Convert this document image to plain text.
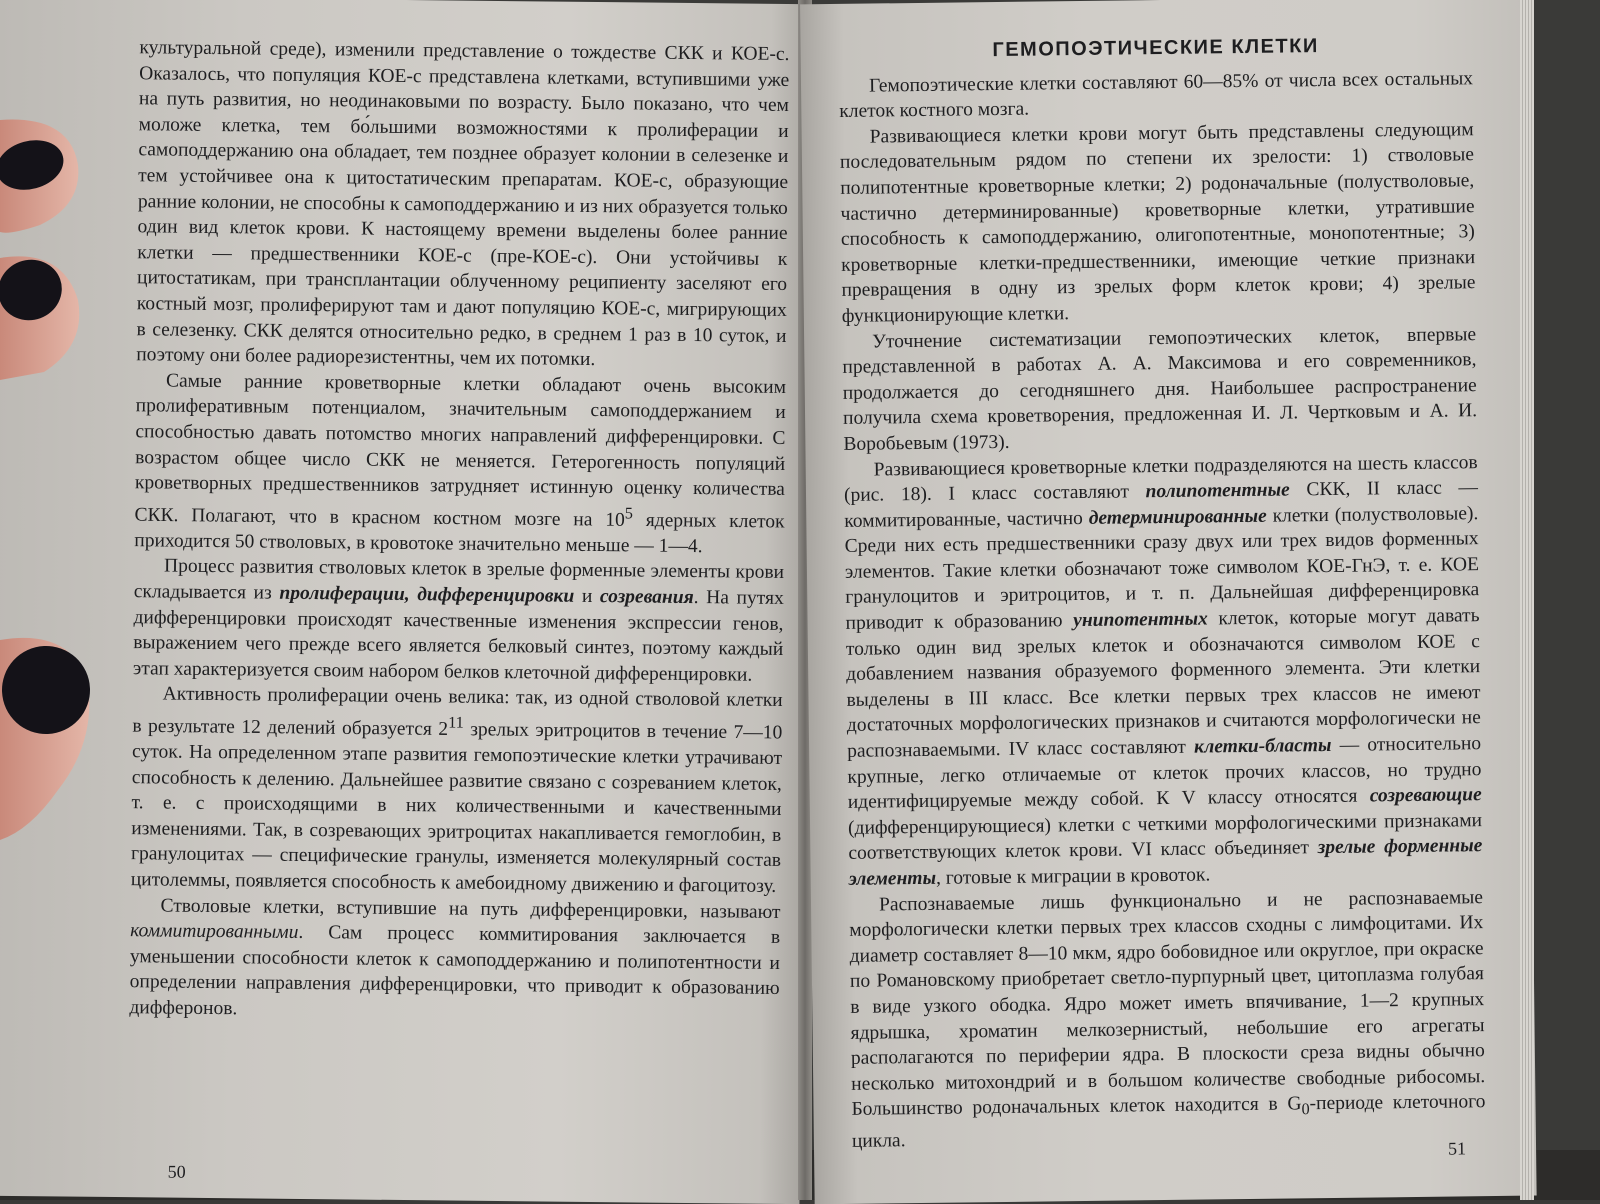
культуральной среде), изменили представление о тождестве СКК и КОЕ-с. Оказалось, что популяция КОЕ-с представлена клетками, вступившими уже на путь развития, но неодинаковыми по возрасту. Было показано, что чем моложе клетка, тем бо́льшими возможностями к пролиферации и самоподдержанию она обладает, тем позднее образует колонии в селезенке и тем устойчивее она к цитостатическим препаратам. КОЕ-с, образующие ранние колонии, не способны к самоподдержанию и из них образуется только один вид клеток крови. К настоящему времени выделены более ранние клетки — предшественники КОЕ-с (пре-КОЕ-с). Они устойчивы к цитостатикам, при трансплантации облученному реципиенту заселяют его костный мозг, пролиферируют там и дают популяцию КОЕ-с, мигрирующих в селезенку. СКК делятся относительно редко, в среднем 1 раз в 10 суток, и поэтому они более радиорезистентны, чем их потомки.

Самые ранние кроветворные клетки обладают очень высоким пролиферативным потенциалом, значительным самоподдержанием и способностью давать потомство многих направлений дифференцировки. С возрастом общее число СКК не меняется. Гетерогенность популяций кроветворных предшественников затрудняет истинную оценку количества СКК. Полагают, что в красном костном мозге на $10^5$ ядерных клеток приходится 50 стволовых, в кровотоке значительно меньше — 1—4.

Процесс развития стволовых клеток в зрелые форменные элементы крови складывается из пролиферации, дифференцировки и созревания. На путях дифференцировки происходят качественные изменения экспрессии генов, выражением чего прежде всего является белковый синтез, поэтому каждый этап характеризуется своим набором белков клеточной дифференцировки.

Активность пролиферации очень велика: так, из одной стволовой клетки в результате 12 делений образуется $2^{11}$ зрелых эритроцитов в течение 7—10 суток. На определенном этапе развития гемопоэтические клетки утрачивают способность к делению. Дальнейшее развитие связано с созреванием клеток, т. е. с происходящими в них количественными и качественными изменениями. Так, в созревающих эритроцитах накапливается гемоглобин, в гранулоцитах — специфические гранулы, изменяется молекулярный состав цитолеммы, появляется способность к амебоидному движению и фагоцитозу.

Стволовые клетки, вступившие на путь дифференцировки, называют коммитированными. Сам процесс коммитирования заключается в уменьшении способности клеток к самоподдержанию и полипотентности и определении направления дифференцировки, что приводит к образованию дифферонов.

50
ГЕМОПОЭТИЧЕСКИЕ КЛЕТКИ

Гемопоэтические клетки составляют 60—85% от числа всех остальных клеток костного мозга.

Развивающиеся клетки крови могут быть представлены следующим последовательным рядом по степени их зрелости: 1) стволовые полипотентные кроветворные клетки; 2) родоначальные (полустволовые, частично детерминированные) кроветворные клетки, утратившие способность к самоподдержанию, олигопотентные, монопотентные; 3) кроветворные клетки-предшественники, имеющие четкие признаки превращения в одну из зрелых форм клеток крови; 4) зрелые функционирующие клетки.

Уточнение систематизации гемопоэтических клеток, впервые представленной в работах А. А. Максимова и его современников, продолжается до сегодняшнего дня. Наибольшее распространение получила схема кроветворения, предложенная И. Л. Чертковым и А. И. Воробьевым (1973).

Развивающиеся кроветворные клетки подразделяются на шесть классов (рис. 18). I класс составляют полипотентные СКК, II класс — коммитированные, частично детерминированные клетки (полустволовые). Среди них есть предшественники сразу двух или трех видов форменных элементов. Такие клетки обозначают тоже символом КОЕ-ГнЭ, т. е. КОЕ гранулоцитов и эритроцитов, и т. п. Дальнейшая дифференцировка приводит к образованию унипотентных клеток, которые могут давать только один вид зрелых клеток и обозначаются символом КОЕ с добавлением названия образуемого форменного элемента. Эти клетки выделены в III класс. Все клетки первых трех классов не имеют достаточных морфологических признаков и считаются морфологически не распознаваемыми. IV класс составляют клетки-бласты — относительно крупные, легко отличаемые от клеток прочих классов, но трудно идентифицируемые между собой. К V классу относятся созревающие (дифференцирующиеся) клетки с четкими морфологическими признаками соответствующих клеток крови. VI класс объединяет зрелые форменные элементы, готовые к миграции в кровоток.

Распознаваемые лишь функционально и не распознаваемые морфологически клетки первых трех классов сходны с лимфоцитами. Их диаметр составляет 8—10 мкм, ядро бобовидное или округлое, при окраске по Романовскому приобретает светло-пурпурный цвет, цитоплазма голубая в виде узкого ободка. Ядро может иметь впячивание, 1—2 крупных ядрышка, хроматин мелкозернистый, небольшие его агрегаты располагаются по периферии ядра. В плоскости среза видны обычно несколько митохондрий и в большом количестве свободные рибосомы. Большинство родоначальных клеток находится в $G_0$-периоде клеточного цикла.	51
